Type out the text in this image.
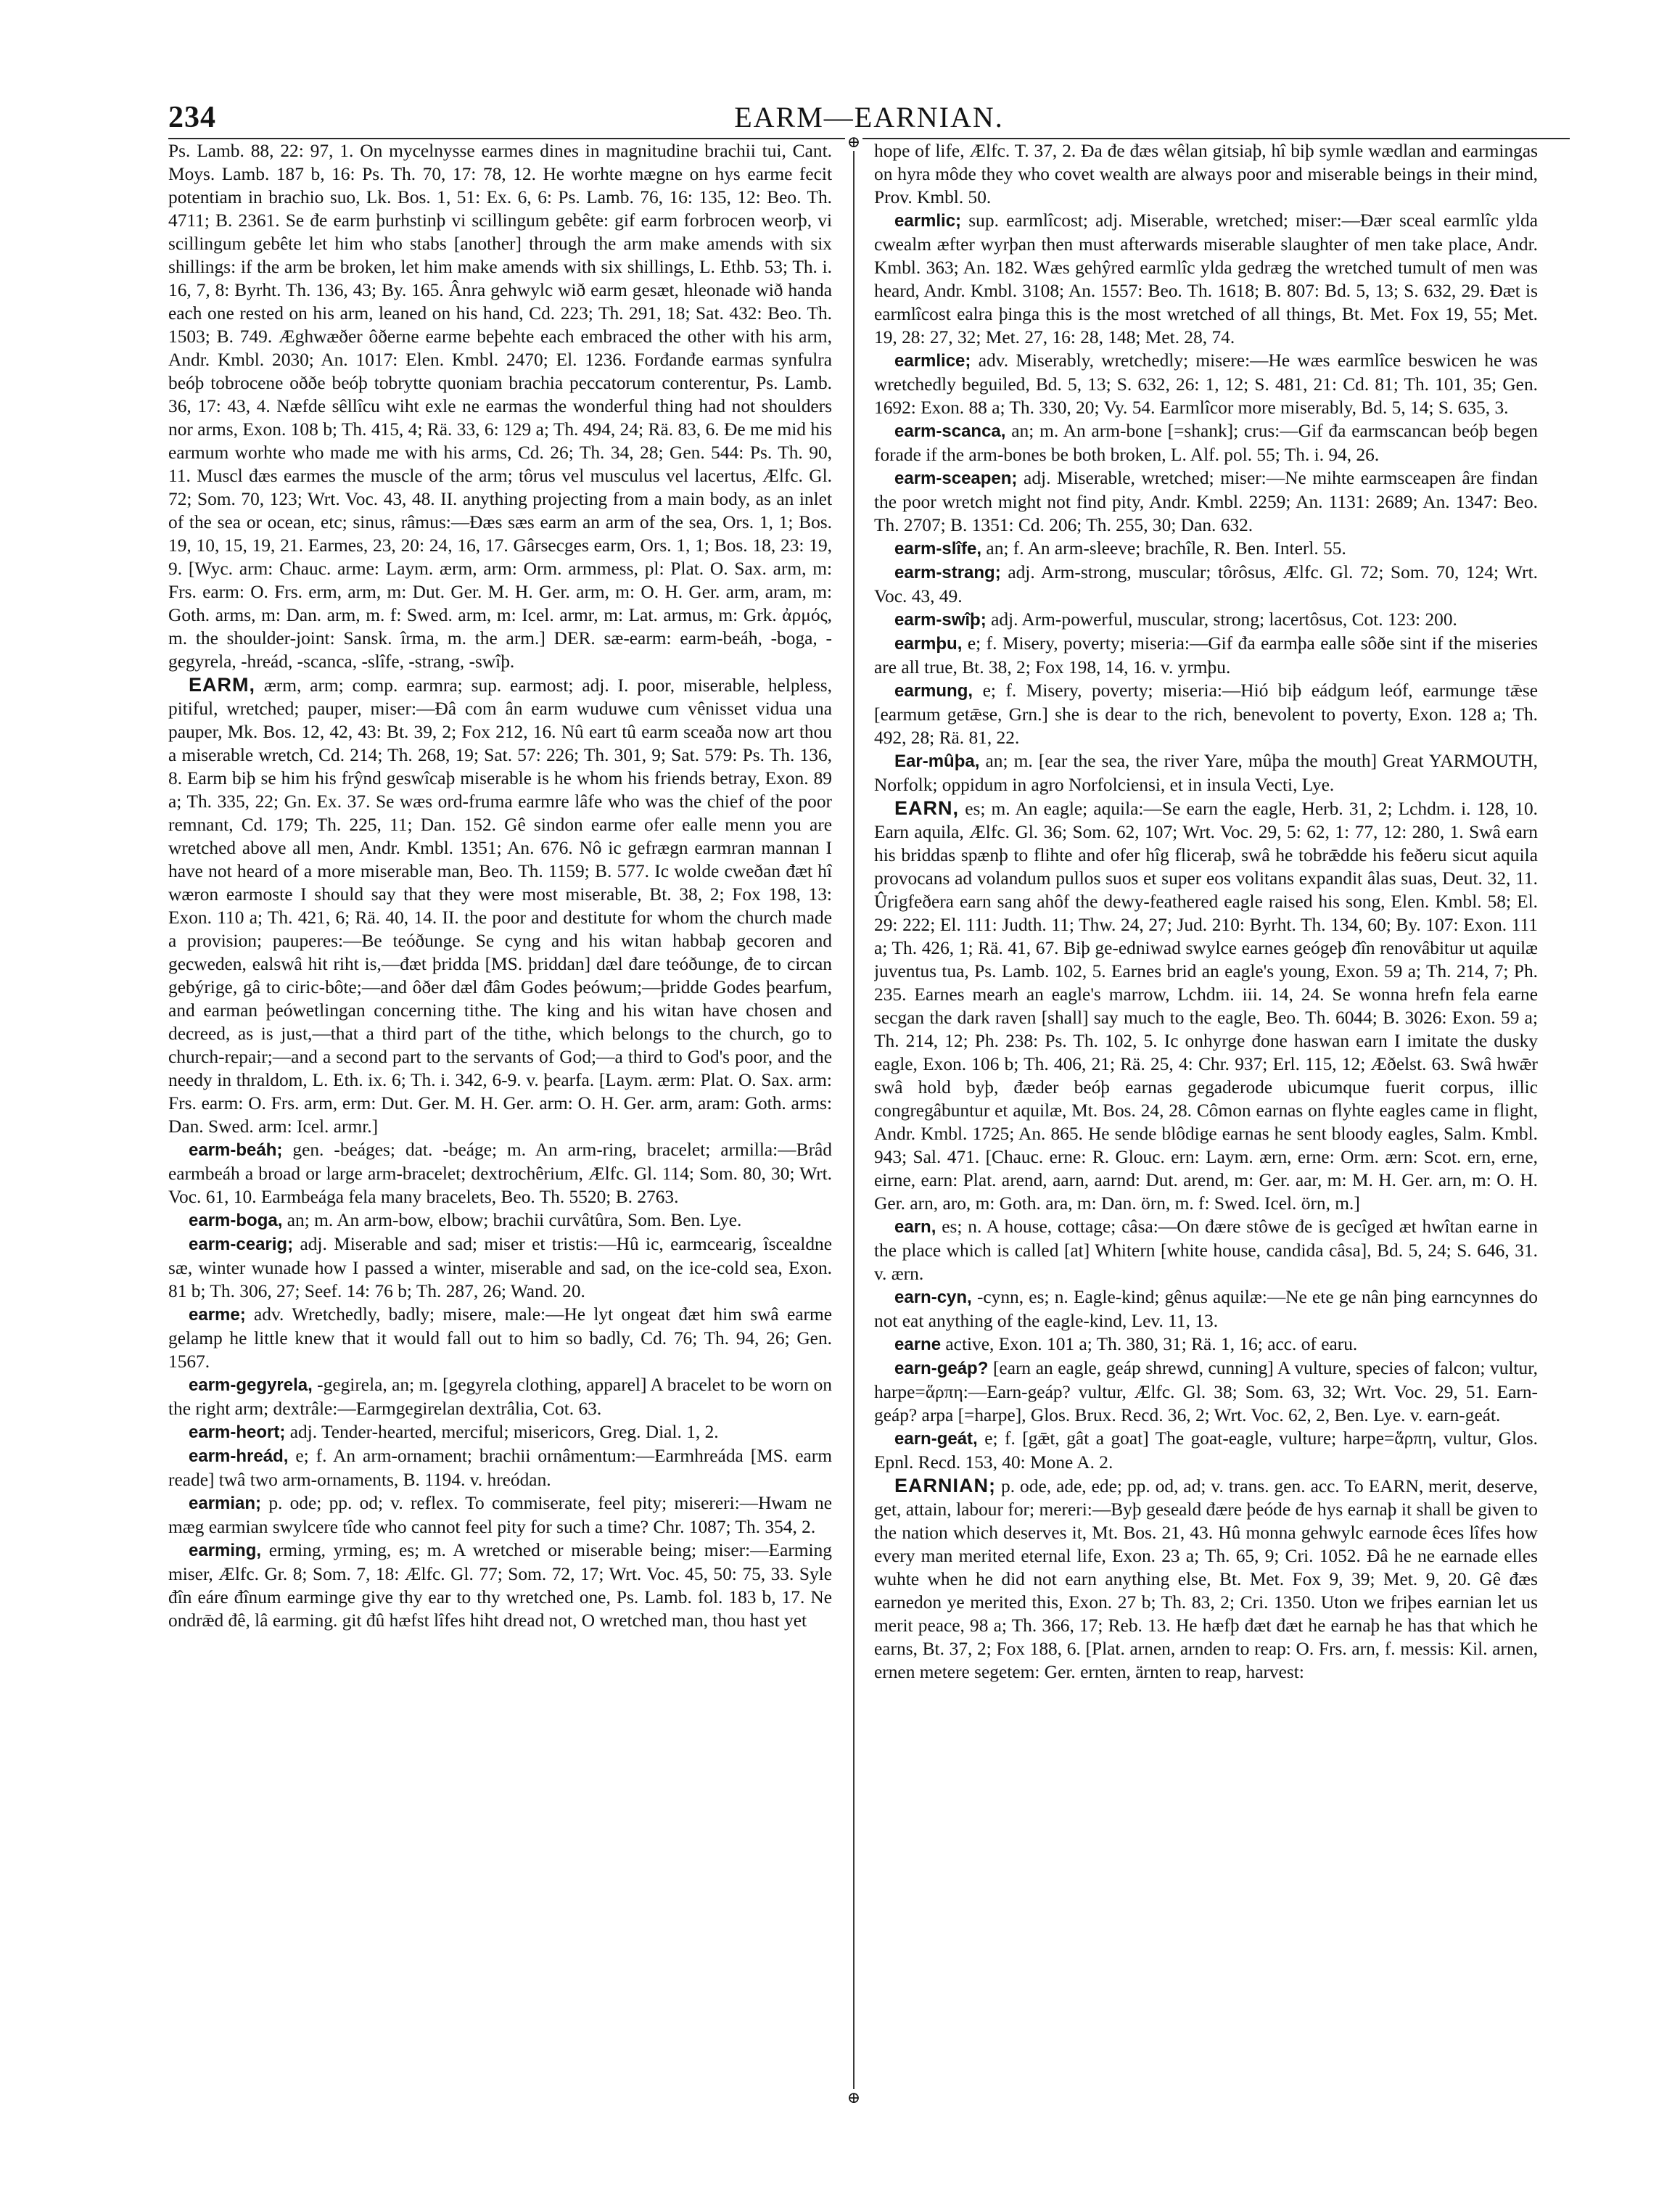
234	EARM—EARNIAN.
⊕
⊕

Ps. Lamb. 88, 22: 97, 1. On mycelnysse earmes dines in magnitudine brachii tui, Cant. Moys. Lamb. 187 b, 16: Ps. Th. 70, 17: 78, 12. He worhte mægne on hys earme fecit potentiam in brachio suo, Lk. Bos. 1, 51: Ex. 6, 6: Ps. Lamb. 76, 16: 135, 12: Beo. Th. 4711; B. 2361. Se đe earm þurhstinþ vi scillingum gebête: gif earm forbrocen weorþ, vi scillingum gebête let him who stabs [another] through the arm make amends with six shillings: if the arm be broken, let him make amends with six shillings, L. Ethb. 53; Th. i. 16, 7, 8: Byrht. Th. 136, 43; By. 165. Ânra gehwylc wið earm gesæt, hleonade wið handa each one rested on his arm, leaned on his hand, Cd. 223; Th. 291, 18; Sat. 432: Beo. Th. 1503; B. 749. Æghwæðer ôðerne earme beþehte each embraced the other with his arm, Andr. Kmbl. 2030; An. 1017: Elen. Kmbl. 2470; El. 1236. Forđanđe earmas synfulra beóþ tobrocene oððe beóþ tobrytte quoniam brachia peccatorum conterentur, Ps. Lamb. 36, 17: 43, 4. Næfde sêllîcu wiht exle ne earmas the wonderful thing had not shoulders nor arms, Exon. 108 b; Th. 415, 4; Rä. 33, 6: 129 a; Th. 494, 24; Rä. 83, 6. Đe me mid his earmum worhte who made me with his arms, Cd. 26; Th. 34, 28; Gen. 544: Ps. Th. 90, 11. Muscl đæs earmes the muscle of the arm; tôrus vel musculus vel lacertus, Ælfc. Gl. 72; Som. 70, 123; Wrt. Voc. 43, 48. II. anything projecting from a main body, as an inlet of the sea or ocean, etc; sinus, râmus:—Đæs sæs earm an arm of the sea, Ors. 1, 1; Bos. 19, 10, 15, 19, 21. Earmes, 23, 20: 24, 16, 17. Gârsecges earm, Ors. 1, 1; Bos. 18, 23: 19, 9. [Wyc. arm: Chauc. arme: Laym. ærm, arm: Orm. armmess, pl: Plat. O. Sax. arm, m: Frs. earm: O. Frs. erm, arm, m: Dut. Ger. M. H. Ger. arm, m: O. H. Ger. arm, aram, m: Goth. arms, m: Dan. arm, m. f: Swed. arm, m: Icel. armr, m: Lat. armus, m: Grk. ἀρμός, m. the shoulder-joint: Sansk. îrma, m. the arm.] DER. sæ-earm: earm-beáh, -boga, -gegyrela, -hreád, -scanca, -slîfe, -strang, -swîþ.

EARM, ærm, arm; comp. earmra; sup. earmost; adj. I. poor, miserable, helpless, pitiful, wretched; pauper, miser:—Đâ com ân earm wuduwe cum vênisset vidua una pauper, Mk. Bos. 12, 42, 43: Bt. 39, 2; Fox 212, 16. Nû eart tû earm sceaða now art thou a miserable wretch, Cd. 214; Th. 268, 19; Sat. 57: 226; Th. 301, 9; Sat. 579: Ps. Th. 136, 8. Earm biþ se him his frŷnd geswîcaþ miserable is he whom his friends betray, Exon. 89 a; Th. 335, 22; Gn. Ex. 37. Se wæs ord-fruma earmre lâfe who was the chief of the poor remnant, Cd. 179; Th. 225, 11; Dan. 152. Gê sindon earme ofer ealle menn you are wretched above all men, Andr. Kmbl. 1351; An. 676. Nô ic gefrægn earmran mannan I have not heard of a more miserable man, Beo. Th. 1159; B. 577. Ic wolde cweðan đæt hî wæron earmoste I should say that they were most miserable, Bt. 38, 2; Fox 198, 13: Exon. 110 a; Th. 421, 6; Rä. 40, 14. II. the poor and destitute for whom the church made a provision; pauperes:—Be teóðunge. Se cyng and his witan habbaþ gecoren and gecweden, ealswâ hit riht is,—đæt þridda [MS. þriddan] dæl đare teóðunge, đe to circan gebýrige, gâ to ciric-bôte;—and ôðer dæl đâm Godes þeówum;—þridde Godes þearfum, and earman þeówetlingan concerning tithe. The king and his witan have chosen and decreed, as is just,—that a third part of the tithe, which belongs to the church, go to church-repair;—and a second part to the servants of God;—a third to God's poor, and the needy in thraldom, L. Eth. ix. 6; Th. i. 342, 6-9. v. þearfa. [Laym. ærm: Plat. O. Sax. arm: Frs. earm: O. Frs. arm, erm: Dut. Ger. M. H. Ger. arm: O. H. Ger. arm, aram: Goth. arms: Dan. Swed. arm: Icel. armr.]

earm-beáh; gen. -beáges; dat. -beáge; m. An arm-ring, bracelet; armilla:—Brâd earmbeáh a broad or large arm-bracelet; dextrochêrium, Ælfc. Gl. 114; Som. 80, 30; Wrt. Voc. 61, 10. Earmbeága fela many bracelets, Beo. Th. 5520; B. 2763.

earm-boga, an; m. An arm-bow, elbow; brachii curvâtûra, Som. Ben. Lye.

earm-cearig; adj. Miserable and sad; miser et tristis:—Hû ic, earmcearig, îscealdne sæ, winter wunade how I passed a winter, miserable and sad, on the ice-cold sea, Exon. 81 b; Th. 306, 27; Seef. 14: 76 b; Th. 287, 26; Wand. 20.

earme; adv. Wretchedly, badly; misere, male:—He lyt ongeat đæt him swâ earme gelamp he little knew that it would fall out to him so badly, Cd. 76; Th. 94, 26; Gen. 1567.

earm-gegyrela, -gegirela, an; m. [gegyrela clothing, apparel] A bracelet to be worn on the right arm; dextrâle:—Earmgegirelan dextrâlia, Cot. 63.

earm-heort; adj. Tender-hearted, merciful; misericors, Greg. Dial. 1, 2.

earm-hreád, e; f. An arm-ornament; brachii ornâmentum:—Earmhreáda [MS. earm reade] twâ two arm-ornaments, B. 1194. v. hreódan.

earmian; p. ode; pp. od; v. reflex. To commiserate, feel pity; misereri:—Hwam ne mæg earmian swylcere tîde who cannot feel pity for such a time? Chr. 1087; Th. 354, 2.

earming, erming, yrming, es; m. A wretched or miserable being; miser:—Earming miser, Ælfc. Gr. 8; Som. 7, 18: Ælfc. Gl. 77; Som. 72, 17; Wrt. Voc. 45, 50: 75, 33. Syle đîn eáre đînum earminge give thy ear to thy wretched one, Ps. Lamb. fol. 183 b, 17. Ne ondrǣd đê, lâ earming. git đû hæfst lîfes hiht dread not, O wretched man, thou hast yet

hope of life, Ælfc. T. 37, 2. Đa đe đæs wêlan gitsiaþ, hî biþ symle wædlan and earmingas on hyra môde they who covet wealth are always poor and miserable beings in their mind, Prov. Kmbl. 50.

earmlic; sup. earmlîcost; adj. Miserable, wretched; miser:—Đær sceal earmlîc ylda cwealm æfter wyrþan then must afterwards miserable slaughter of men take place, Andr. Kmbl. 363; An. 182. Wæs gehŷred earmlîc ylda gedræg the wretched tumult of men was heard, Andr. Kmbl. 3108; An. 1557: Beo. Th. 1618; B. 807: Bd. 5, 13; S. 632, 29. Đæt is earmlîcost ealra þinga this is the most wretched of all things, Bt. Met. Fox 19, 55; Met. 19, 28: 27, 32; Met. 27, 16: 28, 148; Met. 28, 74.

earmlice; adv. Miserably, wretchedly; misere:—He wæs earmlîce beswicen he was wretchedly beguiled, Bd. 5, 13; S. 632, 26: 1, 12; S. 481, 21: Cd. 81; Th. 101, 35; Gen. 1692: Exon. 88 a; Th. 330, 20; Vy. 54. Earmlîcor more miserably, Bd. 5, 14; S. 635, 3.

earm-scanca, an; m. An arm-bone [=shank]; crus:—Gif đa earmscancan beóþ begen forade if the arm-bones be both broken, L. Alf. pol. 55; Th. i. 94, 26.

earm-sceapen; adj. Miserable, wretched; miser:—Ne mihte earmsceapen âre findan the poor wretch might not find pity, Andr. Kmbl. 2259; An. 1131: 2689; An. 1347: Beo. Th. 2707; B. 1351: Cd. 206; Th. 255, 30; Dan. 632.

earm-slîfe, an; f. An arm-sleeve; brachîle, R. Ben. Interl. 55.

earm-strang; adj. Arm-strong, muscular; tôrôsus, Ælfc. Gl. 72; Som. 70, 124; Wrt. Voc. 43, 49.

earm-swîþ; adj. Arm-powerful, muscular, strong; lacertôsus, Cot. 123: 200.

earmþu, e; f. Misery, poverty; miseria:—Gif đa earmþa ealle sôðe sint if the miseries are all true, Bt. 38, 2; Fox 198, 14, 16. v. yrmþu.

earmung, e; f. Misery, poverty; miseria:—Hió biþ eádgum leóf, earmunge tǣse [earmum getǣse, Grn.] she is dear to the rich, benevolent to poverty, Exon. 128 a; Th. 492, 28; Rä. 81, 22.

Ear-mûþa, an; m. [ear the sea, the river Yare, mûþa the mouth] Great YARMOUTH, Norfolk; oppidum in agro Norfolciensi, et in insula Vecti, Lye.

EARN, es; m. An eagle; aquila:—Se earn the eagle, Herb. 31, 2; Lchdm. i. 128, 10. Earn aquila, Ælfc. Gl. 36; Som. 62, 107; Wrt. Voc. 29, 5: 62, 1: 77, 12: 280, 1. Swâ earn his briddas spænþ to flihte and ofer hîg fliceraþ, swâ he tobrǣdde his feðeru sicut aquila provocans ad volandum pullos suos et super eos volitans expandit âlas suas, Deut. 32, 11. Ûrigfeðera earn sang ahôf the dewy-feathered eagle raised his song, Elen. Kmbl. 58; El. 29: 222; El. 111: Judth. 11; Thw. 24, 27; Jud. 210: Byrht. Th. 134, 60; By. 107: Exon. 111 a; Th. 426, 1; Rä. 41, 67. Biþ ge-edniwad swylce earnes geógeþ đîn renovâbitur ut aquilæ juventus tua, Ps. Lamb. 102, 5. Earnes brid an eagle's young, Exon. 59 a; Th. 214, 7; Ph. 235. Earnes mearh an eagle's marrow, Lchdm. iii. 14, 24. Se wonna hrefn fela earne secgan the dark raven [shall] say much to the eagle, Beo. Th. 6044; B. 3026: Exon. 59 a; Th. 214, 12; Ph. 238: Ps. Th. 102, 5. Ic onhyrge đone haswan earn I imitate the dusky eagle, Exon. 106 b; Th. 406, 21; Rä. 25, 4: Chr. 937; Erl. 115, 12; Æðelst. 63. Swâ hwǣr swâ hold byþ, đæder beóþ earnas gegaderode ubicumque fuerit corpus, illic congregâbuntur et aquilæ, Mt. Bos. 24, 28. Cômon earnas on flyhte eagles came in flight, Andr. Kmbl. 1725; An. 865. He sende blôdige earnas he sent bloody eagles, Salm. Kmbl. 943; Sal. 471. [Chauc. erne: R. Glouc. ern: Laym. ærn, erne: Orm. ærn: Scot. ern, erne, eirne, earn: Plat. arend, aarn, aarnd: Dut. arend, m: Ger. aar, m: M. H. Ger. arn, m: O. H. Ger. arn, aro, m: Goth. ara, m: Dan. örn, m. f: Swed. Icel. örn, m.]

earn, es; n. A house, cottage; câsa:—On đære stôwe đe is gecîged æt hwîtan earne in the place which is called [at] Whitern [white house, candida câsa], Bd. 5, 24; S. 646, 31. v. ærn.

earn-cyn, -cynn, es; n. Eagle-kind; gênus aquilæ:—Ne ete ge nân þing earncynnes do not eat anything of the eagle-kind, Lev. 11, 13.

earne active, Exon. 101 a; Th. 380, 31; Rä. 1, 16; acc. of earu.

earn-geáp? [earn an eagle, geáp shrewd, cunning] A vulture, species of falcon; vultur, harpe=ἅρπη:—Earn-geáp? vultur, Ælfc. Gl. 38; Som. 63, 32; Wrt. Voc. 29, 51. Earn-geáp? arpa [=harpe], Glos. Brux. Recd. 36, 2; Wrt. Voc. 62, 2, Ben. Lye. v. earn-geát.

earn-geát, e; f. [gǣt, gât a goat] The goat-eagle, vulture; harpe=ἅρπη, vultur, Glos. Epnl. Recd. 153, 40: Mone A. 2.

EARNIAN; p. ode, ade, ede; pp. od, ad; v. trans. gen. acc. To EARN, merit, deserve, get, attain, labour for; mereri:—Byþ geseald đære þeóde đe hys earnaþ it shall be given to the nation which deserves it, Mt. Bos. 21, 43. Hû monna gehwylc earnode êces lîfes how every man merited eternal life, Exon. 23 a; Th. 65, 9; Cri. 1052. Đâ he ne earnade elles wuhte when he did not earn anything else, Bt. Met. Fox 9, 39; Met. 9, 20. Gê đæs earnedon ye merited this, Exon. 27 b; Th. 83, 2; Cri. 1350. Uton we friþes earnian let us merit peace, 98 a; Th. 366, 17; Reb. 13. He hæfþ đæt đæt he earnaþ he has that which he earns, Bt. 37, 2; Fox 188, 6. [Plat. arnen, arnden to reap: O. Frs. arn, f. messis: Kil. arnen, ernen metere segetem: Ger. ernten, ärnten to reap, harvest:
